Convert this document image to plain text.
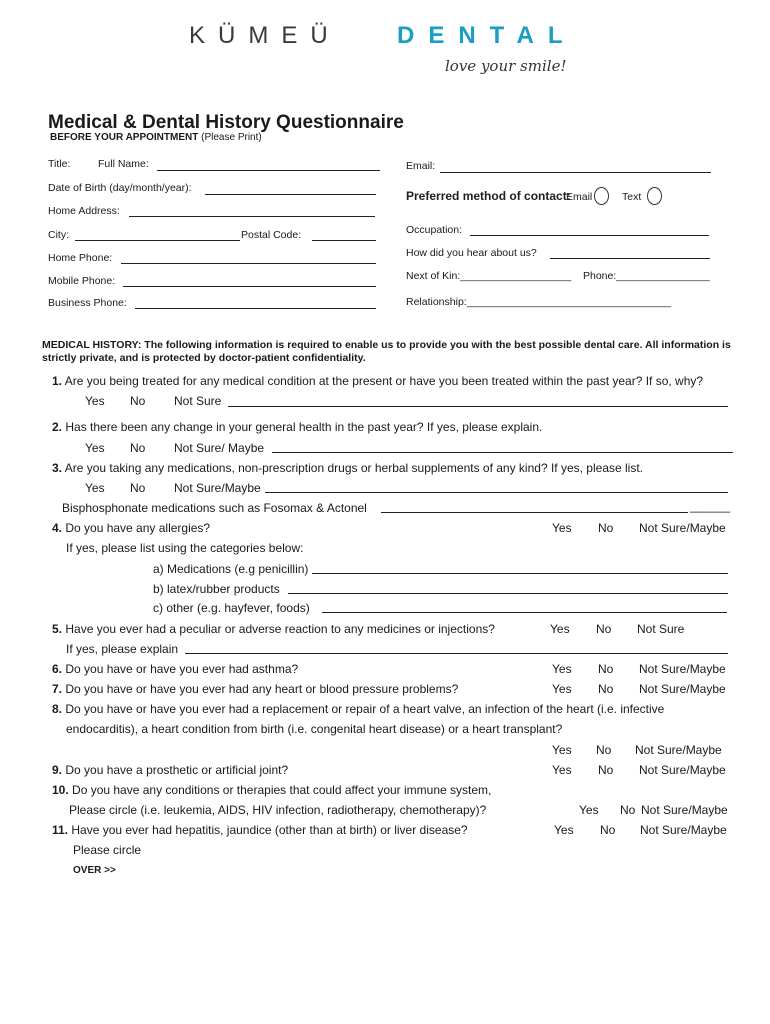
KÜMEÜ DENTAL
love your smile!
Medical & Dental History Questionnaire
BEFORE YOUR APPOINTMENT (Please Print)
Title:	Full Name:
Date of Birth (day/month/year):
Home Address:
City:	Postal Code:
Home Phone:
Mobile Phone:
Business Phone:
Email:
Preferred method of contact:
Email	Text
Occupation:
How did you hear about us?
Next of Kin:___________________ Phone:________________
Relationship:___________________________________
MEDICAL HISTORY: The following information is required to enable us to provide you with the best possible dental care. All information is strictly private, and is protected by doctor-patient confidentiality.
1. Are you being treated for any medical condition at the present or have you been treated within the past year? If so, why?
Yes No Not Sure
2. Has there been any change in your general health in the past year? If yes, please explain.
Yes No Not Sure/ Maybe
3. Are you taking any medications, non-prescription drugs or herbal supplements of any kind? If yes, please list.
Yes No Not Sure/Maybe
Bisphosphonate medications such as Fosomax & Actonel	______
4. Do you have any allergies?	Yes No Not Sure/Maybe
If yes, please list using the categories below:
a) Medications (e.g penicillin)
b) latex/rubber products
c) other (e.g. hayfever, foods)
5. Have you ever had a peculiar or adverse reaction to any medicines or injections?	Yes No Not Sure
If yes, please explain
6. Do you have or have you ever had asthma?	Yes No Not Sure/Maybe
7. Do you have or have you ever had any heart or blood pressure problems?	Yes No Not Sure/Maybe
8. Do you have or have you ever had a replacement or repair of a heart valve, an infection of the heart (i.e. infective
endocarditis), a heart condition from birth (i.e. congenital heart disease) or a heart transplant?
Yes No Not Sure/Maybe
9. Do you have a prosthetic or artificial joint?	Yes No Not Sure/Maybe
10. Do you have any conditions or therapies that could affect your immune system,
Please circle (i.e. leukemia, AIDS, HIV infection, radiotherapy, chemotherapy)?	Yes No Not Sure/Maybe
11. Have you ever had hepatitis, jaundice (other than at birth) or liver disease?	Yes No Not Sure/Maybe
Please circle
OVER >>
